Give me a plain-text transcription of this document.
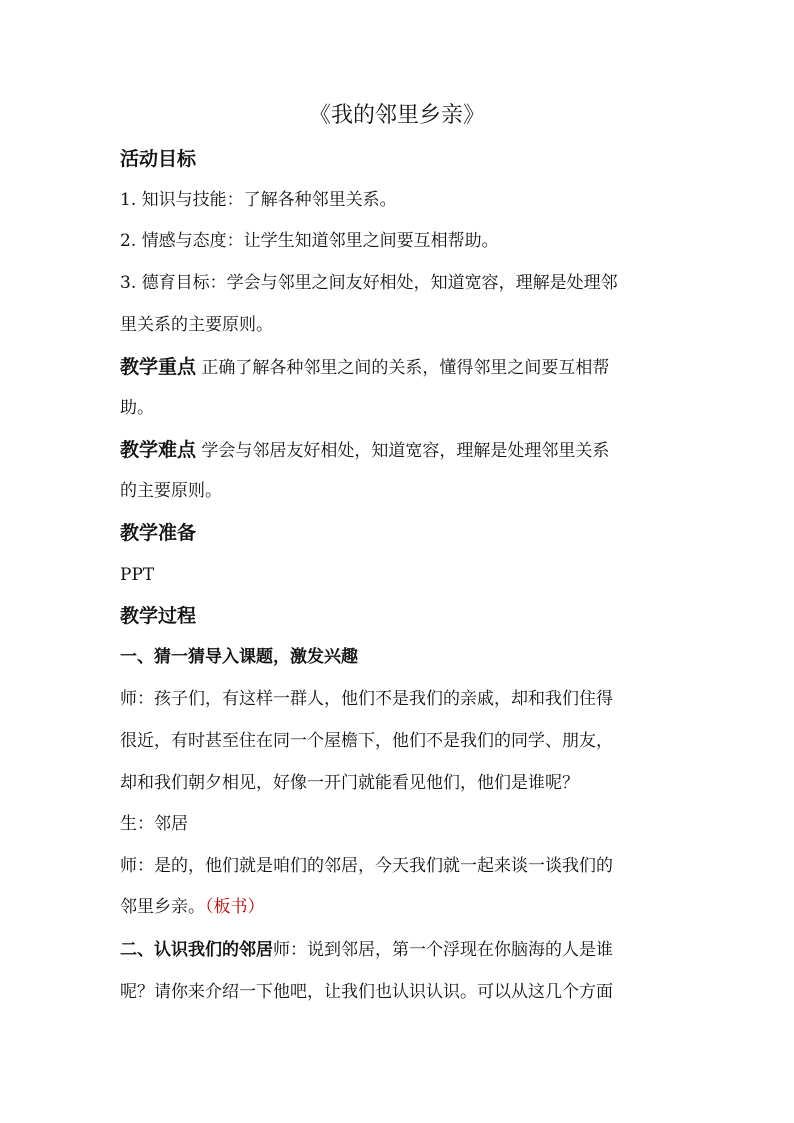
《我的邻里乡亲》
活动目标
1. 知识与技能：了解各种邻里关系。
2. 情感与态度：让学生知道邻里之间要互相帮助。
3. 德育目标：学会与邻里之间友好相处，知道宽容，理解是处理邻
里关系的主要原则。
教学重点 正确了解各种邻里之间的关系，懂得邻里之间要互相帮
助。
教学难点 学会与邻居友好相处，知道宽容，理解是处理邻里关系
的主要原则。
教学准备
PPT
教学过程
一、猜一猜导入课题，激发兴趣
师：孩子们，有这样一群人，他们不是我们的亲戚，却和我们住得
很近，有时甚至住在同一个屋檐下，他们不是我们的同学、朋友，
却和我们朝夕相见，好像一开门就能看见他们，他们是谁呢？
生：邻居
师：是的，他们就是咱们的邻居，今天我们就一起来谈一谈我们的
邻里乡亲。（板书）
二、认识我们的邻居师：说到邻居，第一个浮现在你脑海的人是谁
呢？请你来介绍一下他吧，让我们也认识认识。可以从这几个方面
